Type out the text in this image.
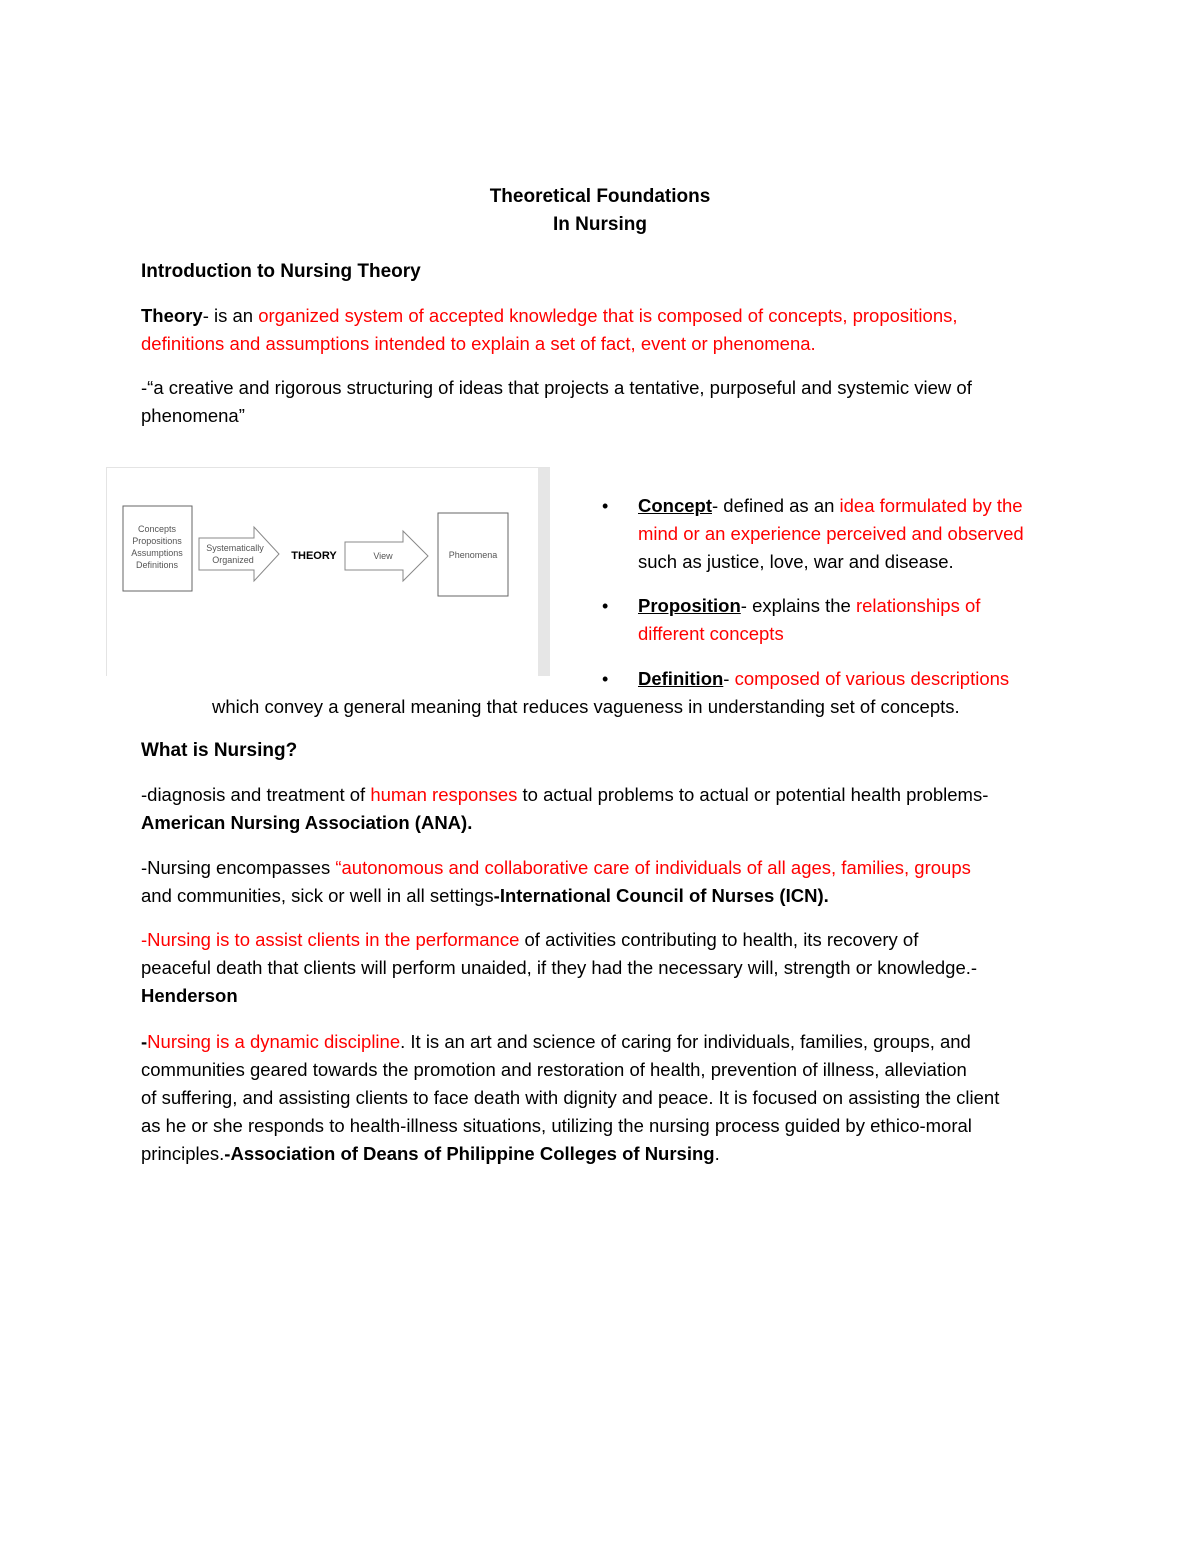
Theoretical Foundations
In Nursing
Introduction to Nursing Theory
Theory- is an organized system of accepted knowledge that is composed of concepts, propositions,
definitions and assumptions intended to explain a set of fact, event or phenomena.
-“a creative and rigorous structuring of ideas that projects a tentative, purposeful and systemic view of
phenomena”
Concepts
Propositions
Assumptions
Definitions
Systematically
Organized	THEORY	View	Phenomena
•	Concept- defined as an idea formulated by the
mind or an experience perceived and observed
such as justice, love, war and disease.
•	Proposition- explains the relationships of
different concepts
•	Definition- composed of various descriptions
which convey a general meaning that reduces vagueness in understanding set of concepts.
What is Nursing?
-diagnosis and treatment of human responses to actual problems to actual or potential health problems-
American Nursing Association (ANA).
-Nursing encompasses “autonomous and collaborative care of individuals of all ages, families, groups
and communities, sick or well in all settings-International Council of Nurses (ICN).
-Nursing is to assist clients in the performance of activities contributing to health, its recovery of
peaceful death that clients will perform unaided, if they had the necessary will, strength or knowledge.-
Henderson
-Nursing is a dynamic discipline. It is an art and science of caring for individuals, families, groups, and
communities geared towards the promotion and restoration of health, prevention of illness, alleviation
of suffering, and assisting clients to face death with dignity and peace. It is focused on assisting the client
as he or she responds to health-illness situations, utilizing the nursing process guided by ethico-moral
principles.-Association of Deans of Philippine Colleges of Nursing.
